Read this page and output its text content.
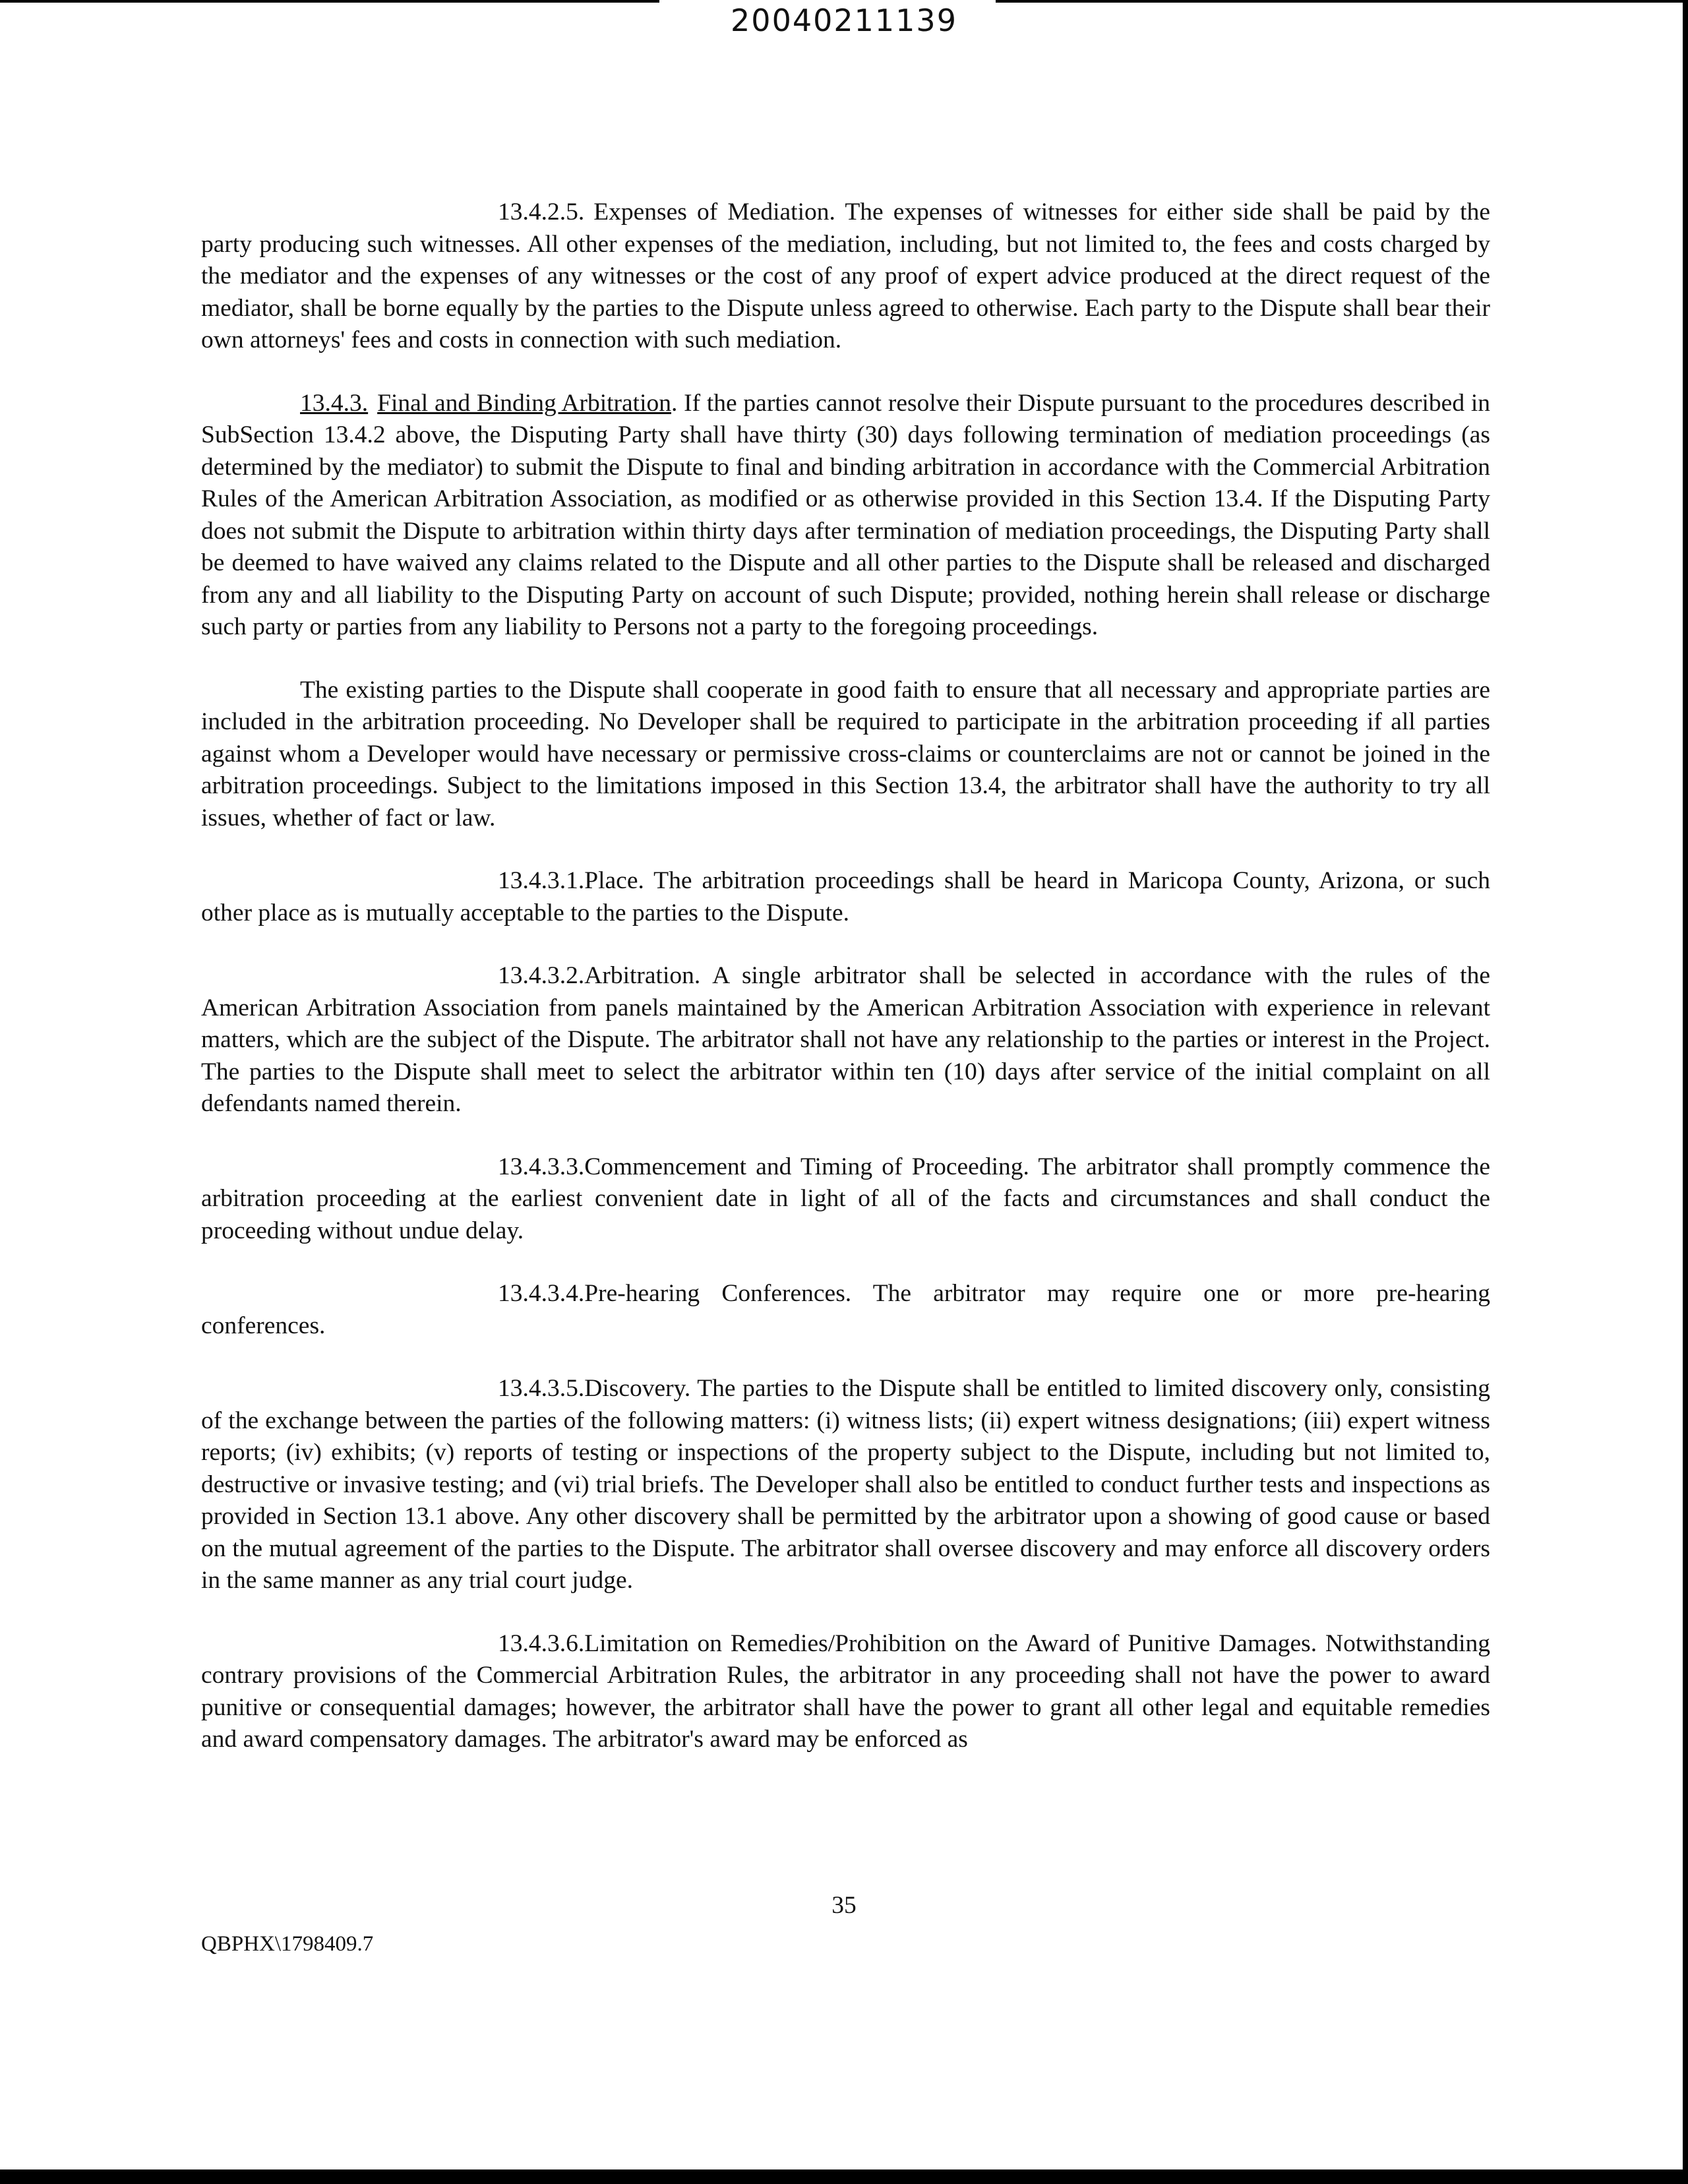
20040211139

13.4.2.5. Expenses of Mediation. The expenses of witnesses for either side shall be paid by the party producing such witnesses. All other expenses of the mediation, including, but not limited to, the fees and costs charged by the mediator and the expenses of any witnesses or the cost of any proof of expert advice produced at the direct request of the mediator, shall be borne equally by the parties to the Dispute unless agreed to otherwise. Each party to the Dispute shall bear their own attorneys' fees and costs in connection with such mediation.

13.4.3. Final and Binding Arbitration. If the parties cannot resolve their Dispute pursuant to the procedures described in SubSection 13.4.2 above, the Disputing Party shall have thirty (30) days following termination of mediation proceedings (as determined by the mediator) to submit the Dispute to final and binding arbitration in accordance with the Commercial Arbitration Rules of the American Arbitration Association, as modified or as otherwise provided in this Section 13.4. If the Disputing Party does not submit the Dispute to arbitration within thirty days after termination of mediation proceedings, the Disputing Party shall be deemed to have waived any claims related to the Dispute and all other parties to the Dispute shall be released and discharged from any and all liability to the Disputing Party on account of such Dispute; provided, nothing herein shall release or discharge such party or parties from any liability to Persons not a party to the foregoing proceedings.

The existing parties to the Dispute shall cooperate in good faith to ensure that all necessary and appropriate parties are included in the arbitration proceeding. No Developer shall be required to participate in the arbitration proceeding if all parties against whom a Developer would have necessary or permissive cross-claims or counterclaims are not or cannot be joined in the arbitration proceedings. Subject to the limitations imposed in this Section 13.4, the arbitrator shall have the authority to try all issues, whether of fact or law.

13.4.3.1.Place. The arbitration proceedings shall be heard in Maricopa County, Arizona, or such other place as is mutually acceptable to the parties to the Dispute.

13.4.3.2.Arbitration. A single arbitrator shall be selected in accordance with the rules of the American Arbitration Association from panels maintained by the American Arbitration Association with experience in relevant matters, which are the subject of the Dispute. The arbitrator shall not have any relationship to the parties or interest in the Project. The parties to the Dispute shall meet to select the arbitrator within ten (10) days after service of the initial complaint on all defendants named therein.

13.4.3.3.Commencement and Timing of Proceeding. The arbitrator shall promptly commence the arbitration proceeding at the earliest convenient date in light of all of the facts and circumstances and shall conduct the proceeding without undue delay.

13.4.3.4.Pre-hearing Conferences. The arbitrator may require one or more pre-hearing
conferences.

13.4.3.5.Discovery. The parties to the Dispute shall be entitled to limited discovery only, consisting of the exchange between the parties of the following matters: (i) witness lists; (ii) expert witness designations; (iii) expert witness reports; (iv) exhibits; (v) reports of testing or inspections of the property subject to the Dispute, including but not limited to, destructive or invasive testing; and (vi) trial briefs. The Developer shall also be entitled to conduct further tests and inspections as provided in Section 13.1 above. Any other discovery shall be permitted by the arbitrator upon a showing of good cause or based on the mutual agreement of the parties to the Dispute. The arbitrator shall oversee discovery and may enforce all discovery orders in the same manner as any trial court judge.

13.4.3.6.Limitation on Remedies/Prohibition on the Award of Punitive Damages. Notwithstanding contrary provisions of the Commercial Arbitration Rules, the arbitrator in any proceeding shall not have the power to award punitive or consequential damages; however, the arbitrator shall have the power to grant all other legal and equitable remedies and award compensatory damages. The arbitrator's award may be enforced as

35
QBPHX\1798409.7
